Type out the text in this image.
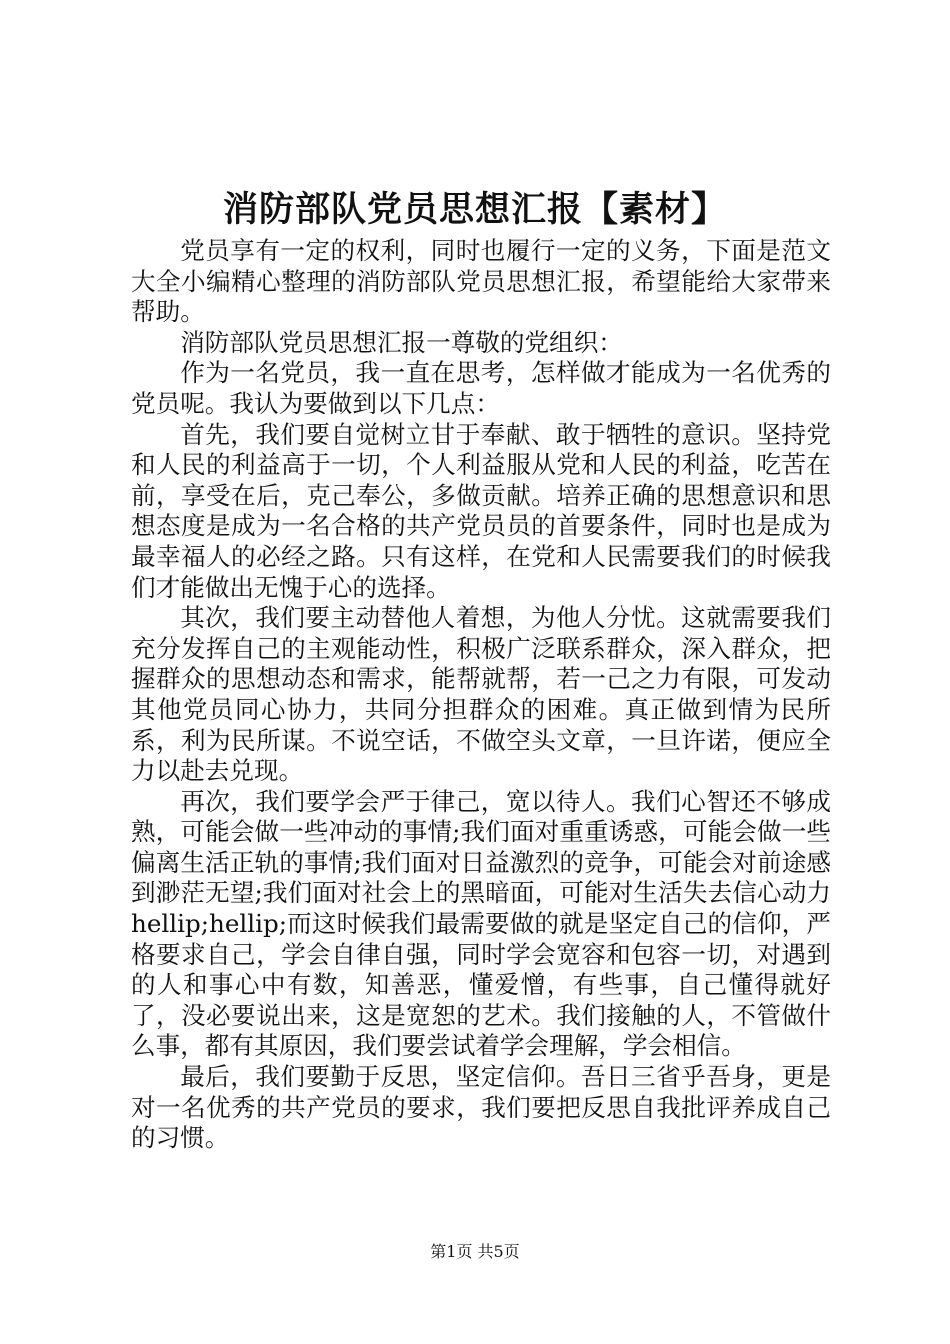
消防部队党员思想汇报【素材】

党员享有一定的权利，同时也履行一定的义务，下面是范文大全小编精心整理的消防部队党员思想汇报，希望能给大家带来帮助。

消防部队党员思想汇报一尊敬的党组织：

作为一名党员，我一直在思考，怎样做才能成为一名优秀的党员呢。我认为要做到以下几点：

首先，我们要自觉树立甘于奉献、敢于牺牲的意识。坚持党和人民的利益高于一切，个人利益服从党和人民的利益，吃苦在前，享受在后，克己奉公，多做贡献。培养正确的思想意识和思想态度是成为一名合格的共产党员员的首要条件，同时也是成为最幸福人的必经之路。只有这样，在党和人民需要我们的时候我们才能做出无愧于心的选择。

其次，我们要主动替他人着想，为他人分忧。这就需要我们充分发挥自己的主观能动性，积极广泛联系群众，深入群众，把握群众的思想动态和需求，能帮就帮，若一己之力有限，可发动其他党员同心协力，共同分担群众的困难。真正做到情为民所系，利为民所谋。不说空话，不做空头文章，一旦许诺，便应全力以赴去兑现。

再次，我们要学会严于律己，宽以待人。我们心智还不够成熟，可能会做一些冲动的事情;我们面对重重诱惑，可能会做一些偏离生活正轨的事情;我们面对日益激烈的竞争，可能会对前途感到渺茫无望;我们面对社会上的黑暗面，可能对生活失去信心动力hellip;hellip;而这时候我们最需要做的就是坚定自己的信仰，严格要求自己，学会自律自强，同时学会宽容和包容一切，对遇到的人和事心中有数，知善恶，懂爱憎，有些事，自己懂得就好了，没必要说出来，这是宽恕的艺术。我们接触的人，不管做什么事，都有其原因，我们要尝试着学会理解，学会相信。

最后，我们要勤于反思，坚定信仰。吾日三省乎吾身，更是对一名优秀的共产党员的要求，我们要把反思自我批评养成自己的习惯。

第1页 共5页
